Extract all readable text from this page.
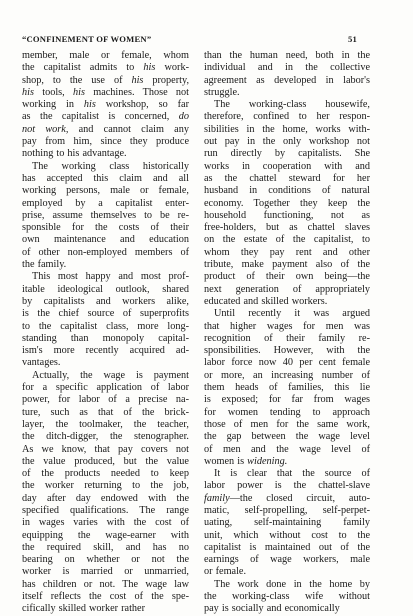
“CONFINEMENT OF WOMEN”	51
member, male or female, whom
the capitalist admits to his work-
shop, to the use of his property,
his tools, his machines. Those not
working in his workshop, so far
as the capitalist is concerned, do
not work, and cannot claim any
pay from him, since they produce
nothing to his advantage.
The working class historically
has accepted this claim and all
working persons, male or female,
employed by a capitalist enter-
prise, assume themselves to be re-
sponsible for the costs of their
own maintenance and education
of other non-employed members of
the family.
This most happy and most prof-
itable ideological outlook, shared
by capitalists and workers alike,
is the chief source of superprofits
to the capitalist class, more long-
standing than monopoly capital-
ism's more recently acquired ad-
vantages.
Actually, the wage is payment
for a specific application of labor
power, for labor of a precise na-
ture, such as that of the brick-
layer, the toolmaker, the teacher,
the ditch-digger, the stenographer.
As we know, that pay covers not
the value produced, but the value
of the products needed to keep
the worker returning to the job,
day after day endowed with the
specified qualifications. The range
in wages varies with the cost of
equipping the wage-earner with
the required skill, and has no
bearing on whether or not the
worker is married or unmarried,
has children or not. The wage law
itself reflects the cost of the spe-
cifically skilled worker rather
than the human need, both in the
individual and in the collective
agreement as developed in labor's
struggle.
The working-class housewife,
therefore, confined to her respon-
sibilities in the home, works with-
out pay in the only workshop not
run directly by capitalists. She
works in cooperation with and
as the chattel steward for her
husband in conditions of natural
economy. Together they keep the
household functioning, not as
free-holders, but as chattel slaves
on the estate of the capitalist, to
whom they pay rent and other
tribute, make payment also of the
product of their own being—the
next generation of appropriately
educated and skilled workers.
Until recently it was argued
that higher wages for men was
recognition of their family re-
sponsibilities. However, with the
labor force now 40 per cent female
or more, an increasing number of
them heads of families, this lie
is exposed; for far from wages
for women tending to approach
those of men for the same work,
the gap between the wage level
of men and the wage level of
women is widening.
It is clear that the source of
labor power is the chattel-slave
family—the closed circuit, auto-
matic, self-propelling, self-perpet-
uating, self-maintaining family
unit, which without cost to the
capitalist is maintained out of the
earnings of wage workers, male
or female.
The work done in the home by
the working-class wife without
pay is socially and economically
